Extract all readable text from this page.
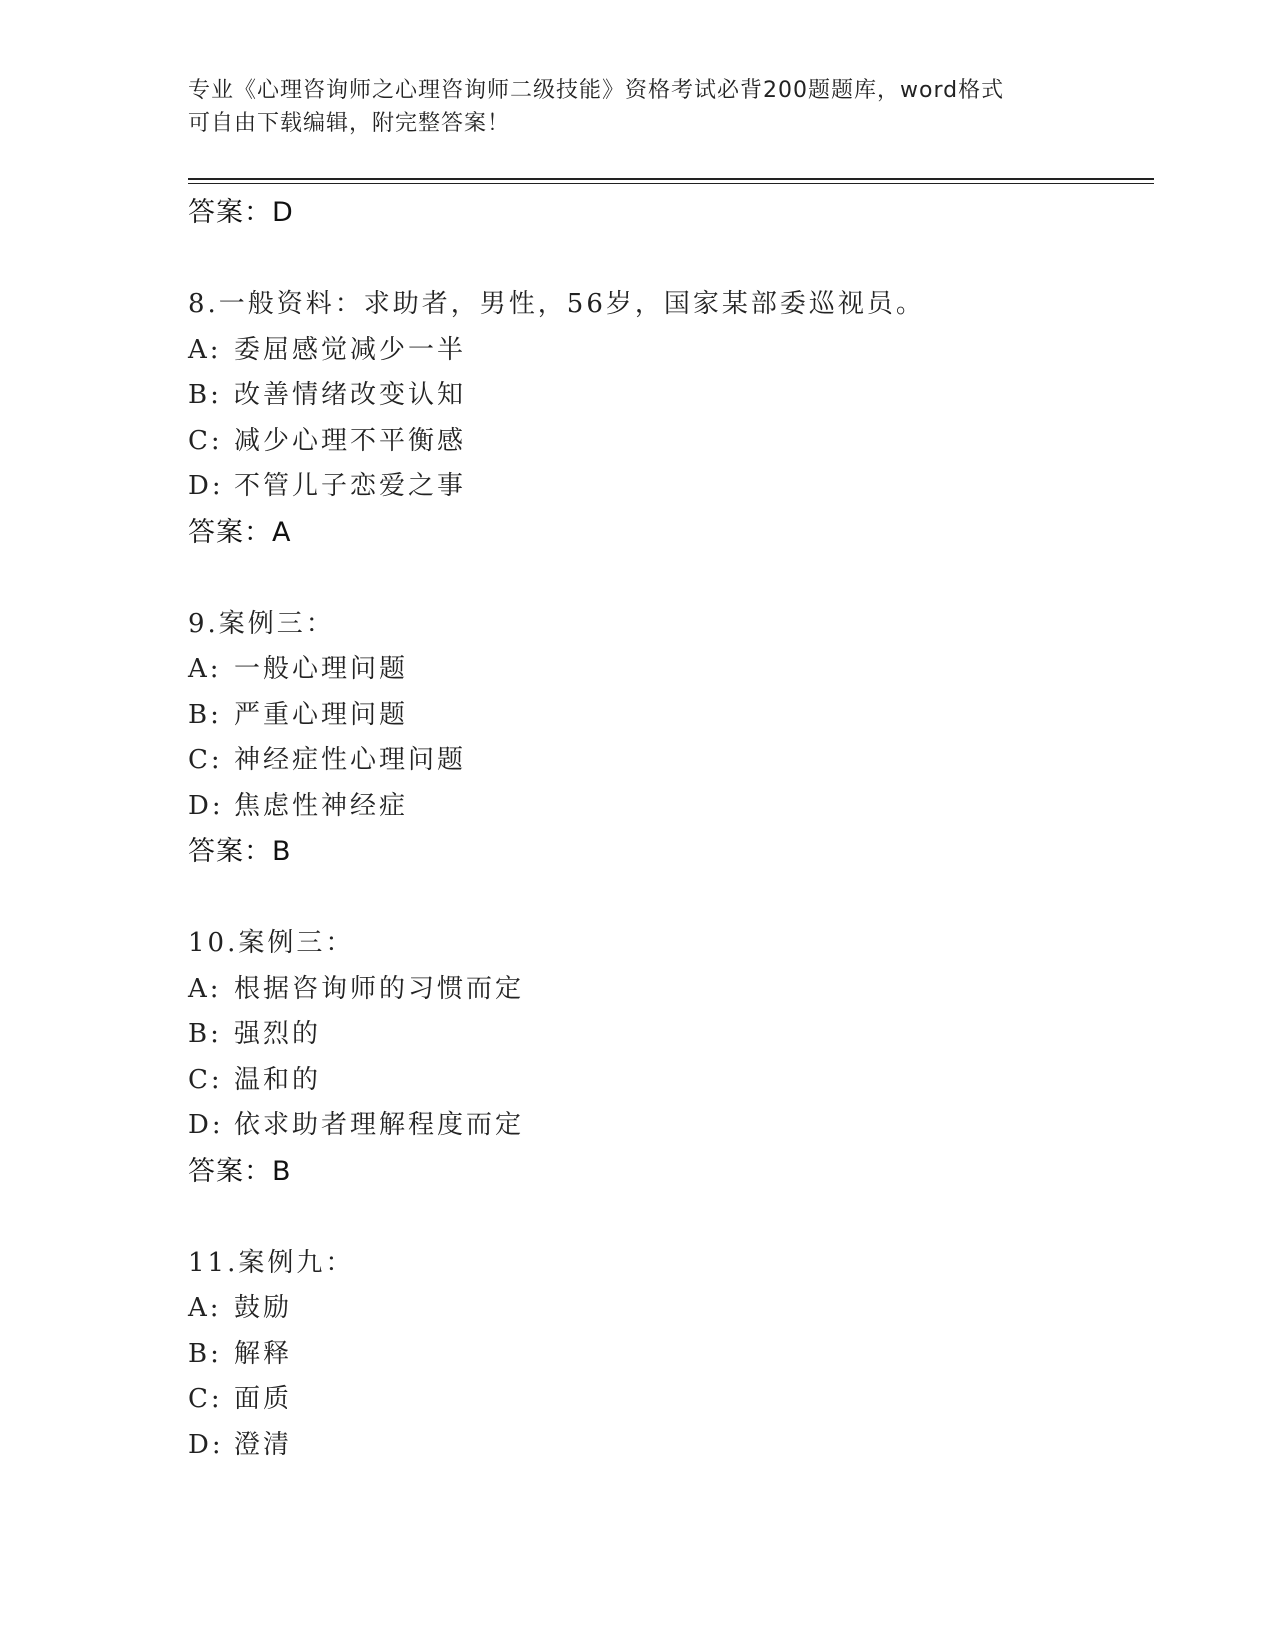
专业《心理咨询师之心理咨询师二级技能》资格考试必背200题题库，word格式
可自由下载编辑，附完整答案！
答案：D
8.一般资料：求助者，男性，56岁，国家某部委巡视员。
A: 委屈感觉减少一半
B: 改善情绪改变认知
C: 减少心理不平衡感
D: 不管儿子恋爱之事
答案：A
9.案例三：
A: 一般心理问题
B: 严重心理问题
C: 神经症性心理问题
D: 焦虑性神经症
答案：B
10.案例三：
A: 根据咨询师的习惯而定
B: 强烈的
C: 温和的
D: 依求助者理解程度而定
答案：B
11.案例九：
A: 鼓励
B: 解释
C: 面质
D: 澄清
